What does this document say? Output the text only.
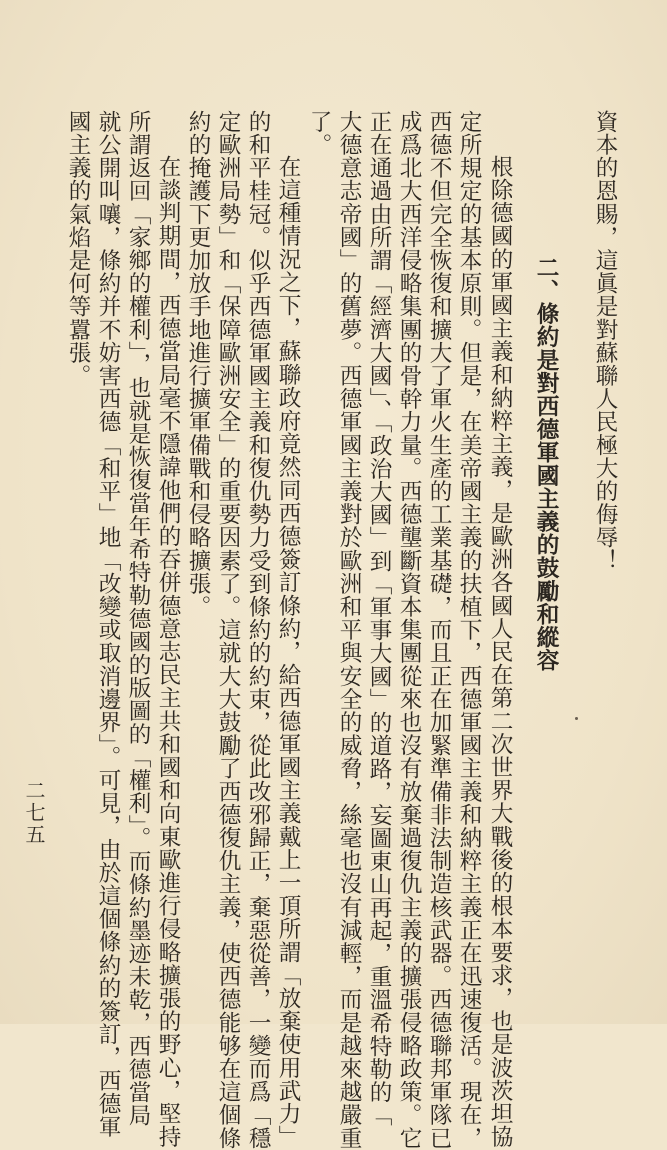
資本的恩賜，這眞是對蘇聯人民極大的侮辱！
二、條約是對西德軍國主義的鼓勵和縱容
根除德國的軍國主義和納粹主義，是歐洲各國人民在第二次世界大戰後的根本要求，也是波茨坦協
定所規定的基本原則。但是，在美帝國主義的扶植下，西德軍國主義和納粹主義正在迅速復活。現在，
西德不但完全恢復和擴大了軍火生產的工業基礎，而且正在加緊準備非法制造核武器。西德聯邦軍隊已
成爲北大西洋侵略集團的骨幹力量。西德壟斷資本集團從來也沒有放棄過復仇主義的擴張侵略政策。它
正在通過由所謂「經濟大國」、「政治大國」到「軍事大國」的道路，妄圖東山再起，重溫希特勒的「
大德意志帝國」的舊夢。西德軍國主義對於歐洲和平與安全的威脅，絲毫也沒有減輕，而是越來越嚴重
了。
在這種情況之下，蘇聯政府竟然同西德簽訂條約，給西德軍國主義戴上一頂所謂「放棄使用武力」
的和平桂冠。似乎西德軍國主義和復仇勢力受到條約的約束，從此改邪歸正，棄惡從善，一變而爲「穩
定歐洲局勢」和「保障歐洲安全」的重要因素了。這就大大鼓勵了西德復仇主義，使西德能够在這個條
約的掩護下更加放手地進行擴軍備戰和侵略擴張。
在談判期間，西德當局毫不隱諱他們的吞併德意志民主共和國和向東歐進行侵略擴張的野心，堅持
所謂返回「家鄉的權利」，也就是恢復當年希特勒德國的版圖的「權利」。而條約墨迹未乾，西德當局
就公開叫嚷，條約并不妨害西德「和平」地「改變或取消邊界」。可見，由於這個條約的簽訂，西德軍
國主義的氣焰是何等囂張。
二七五
